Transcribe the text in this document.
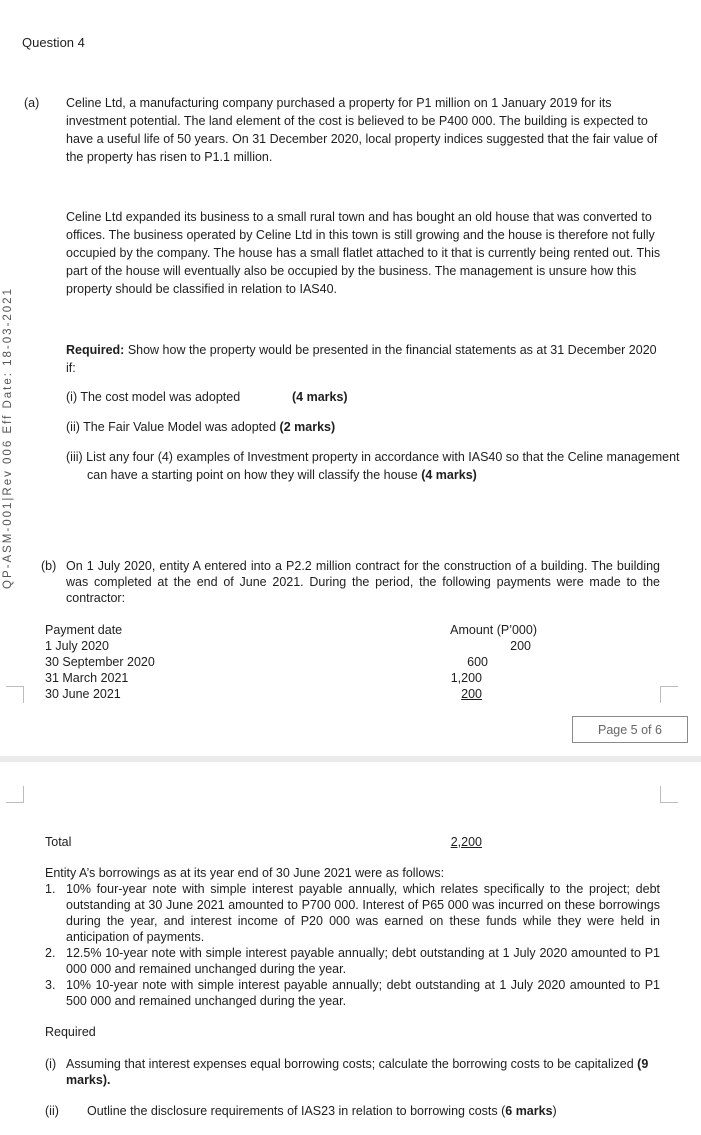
Question 4
QP-ASM-001|Rev 006 Eff Date: 18-03-2021
(a) Celine Ltd, a manufacturing company purchased a property for P1 million on 1 January 2019 for its investment potential. The land element of the cost is believed to be P400 000. The building is expected to have a useful life of 50 years. On 31 December 2020, local property indices suggested that the fair value of the property has risen to P1.1 million.
Celine Ltd expanded its business to a small rural town and has bought an old house that was converted to offices. The business operated by Celine Ltd in this town is still growing and the house is therefore not fully occupied by the company. The house has a small flatlet attached to it that is currently being rented out. This part of the house will eventually also be occupied by the business. The management is unsure how this property should be classified in relation to IAS40.
Required: Show how the property would be presented in the financial statements as at 31 December 2020 if:
(i) The cost model was adopted	(4 marks)
(ii) The Fair Value Model was adopted (2 marks)
(iii) List any four (4) examples of Investment property in accordance with IAS40 so that the Celine management can have a starting point on how they will classify the house (4 marks)
(b) On 1 July 2020, entity A entered into a P2.2 million contract for the construction of a building. The building was completed at the end of June 2021. During the period, the following payments were made to the contractor:
Payment date	Amount (P’000)
1 July 2020	200
30 September 2020	600
31 March 2021	1,200
30 June 2021	200
Page 5 of 6
Total	2,200
Entity A’s borrowings as at its year end of 30 June 2021 were as follows:
1. 10% four-year note with simple interest payable annually, which relates specifically to the project; debt outstanding at 30 June 2021 amounted to P700 000. Interest of P65 000 was incurred on these borrowings during the year, and interest income of P20 000 was earned on these funds while they were held in anticipation of payments.
2. 12.5% 10-year note with simple interest payable annually; debt outstanding at 1 July 2020 amounted to P1 000 000 and remained unchanged during the year.
3. 10% 10-year note with simple interest payable annually; debt outstanding at 1 July 2020 amounted to P1 500 000 and remained unchanged during the year.
Required
(i) Assuming that interest expenses equal borrowing costs; calculate the borrowing costs to be capitalized (9 marks).
(ii) Outline the disclosure requirements of IAS23 in relation to borrowing costs (6 marks)
